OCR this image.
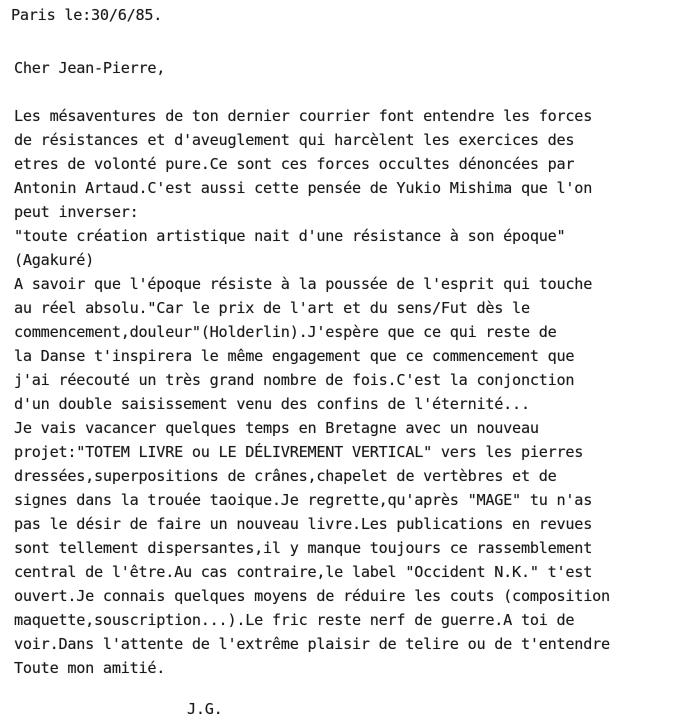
Paris le:30/6/85.
Cher Jean-Pierre,
Les mésaventures de ton dernier courrier font entendre les forces
de résistances et d'aveuglement qui harcèlent les exercices des
etres de volonté pure.Ce sont ces forces occultes dénoncées par
Antonin Artaud.C'est aussi cette pensée de Yukio Mishima que l'on
peut inverser:
"toute création artistique nait d'une résistance à son époque"
(Agakuré)
A savoir que l'époque résiste à la poussée de l'esprit qui touche
au réel absolu."Car le prix de l'art et du sens/Fut dès le
commencement,douleur"(Holderlin).J'espère que ce qui reste de
la Danse t'inspirera le même engagement que ce commencement que
j'ai réecouté un très grand nombre de fois.C'est la conjonction
d'un double saisissement venu des confins de l'éternité...
Je vais vacancer quelques temps en Bretagne avec un nouveau
projet:"TOTEM LIVRE ou LE DÉLIVREMENT VERTICAL" vers les pierres
dressées,superpositions de crânes,chapelet de vertèbres et de
signes dans la trouée taoique.Je regrette,qu'après "MAGE" tu n'as
pas le désir de faire un nouveau livre.Les publications en revues
sont tellement dispersantes,il y manque toujours ce rassemblement
central de l'être.Au cas contraire,le label "Occident N.K." t'est
ouvert.Je connais quelques moyens de réduire les couts (composition
maquette,souscription...).Le fric reste nerf de guerre.A toi de
voir.Dans l'attente de l'extrême plaisir de telire ou de t'entendre
Toute mon amitié.
J.G.
